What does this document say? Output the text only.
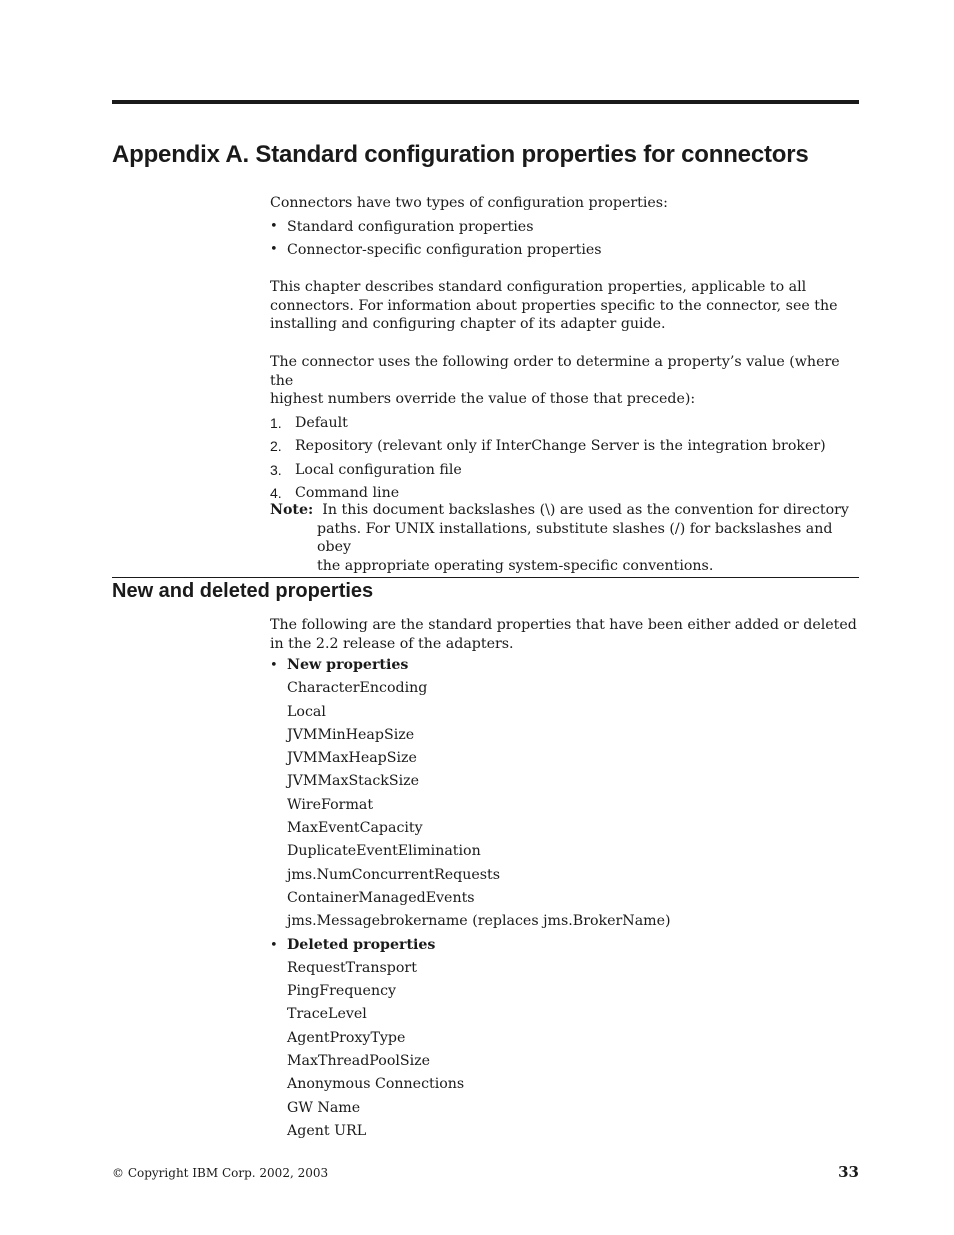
Appendix A. Standard configuration properties for connectors

Connectors have two types of configuration properties:

• Standard configuration properties

• Connector-specific configuration properties

This chapter describes standard configuration properties, applicable to all

connectors. For information about properties specific to the connector, see the

installing and configuring chapter of its adapter guide.

The connector uses the following order to determine a property’s value (where the

highest numbers override the value of those that precede):

1. Default

2. Repository (relevant only if InterChange Server is the integration broker)

3. Local configuration file

4. Command line

Note: In this document backslashes (\) are used as the convention for directory
paths. For UNIX installations, substitute slashes (/) for backslashes and obey
the appropriate operating system-specific conventions.
New and deleted properties

The following are the standard properties that have been either added or deleted

in the 2.2 release of the adapters.

• New properties

CharacterEncoding

Local

JVMMinHeapSize

JVMMaxHeapSize

JVMMaxStackSize

WireFormat

MaxEventCapacity

DuplicateEventElimination

jms.NumConcurrentRequests

ContainerManagedEvents

jms.Messagebrokername (replaces jms.BrokerName)

• Deleted properties

RequestTransport

PingFrequency

TraceLevel

AgentProxyType

MaxThreadPoolSize

Anonymous Connections

GW Name

Agent URL

© Copyright IBM Corp. 2002, 2003	33
